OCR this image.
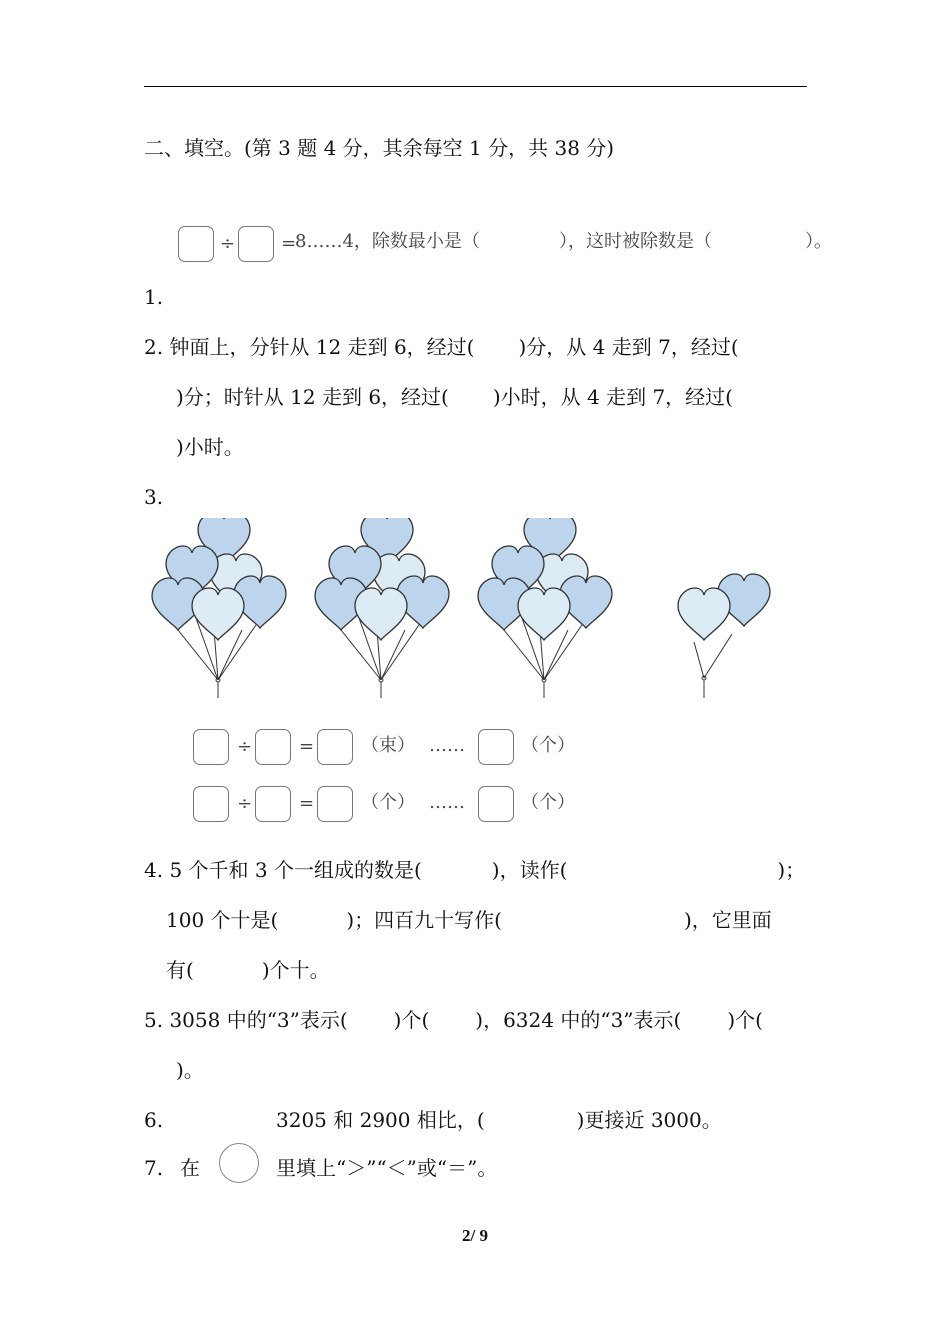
二、填空。(第 3 题 4 分，其余每空 1 分，共 38 分)
÷	=
8……4，除数最小是（	），这时被除数是（	）。
1.
2. 钟面上，分针从 12 走到 6，经过( )分，从 4 走到 7，经过(
)分；时针从 12 走到 6，经过( )小时，从 4 走到 7，经过(
)小时。
3.
÷	=	（束） ……	（个）
÷	=	（个） ……	（个）
4. 5 个千和 3 个一组成的数是(	)，读作(	)；
100 个十是(	)；四百九十写作(	)，它里面
有(	)个十。
5. 3058 中的“3”表示( )个( )，6324 中的“3”表示( )个(
)。
6.	3205 和 2900 相比，(	)更接近 3000。
7. 在	里填上“＞”“＜”或“＝”。
2/ 9
